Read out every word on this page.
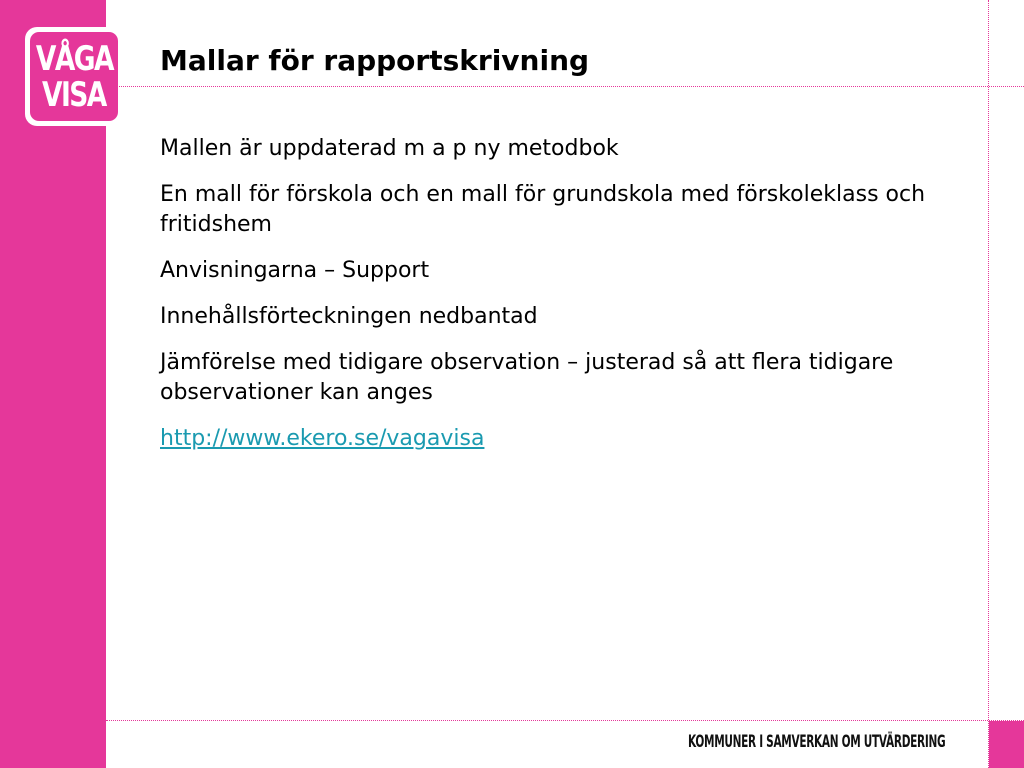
VÅGA
VISA
Mallar för rapportskrivning

Mallen är uppdaterad m a p ny metodbok

En mall för förskola och en mall för grundskola med förskoleklass och fritidshem

Anvisningarna – Support

Innehållsförteckningen nedbantad

Jämförelse med tidigare observation – justerad så att flera tidigare observationer kan anges

http://www.ekero.se/vagavisa

KOMMUNER I SAMVERKAN OM UTVÄRDERING
